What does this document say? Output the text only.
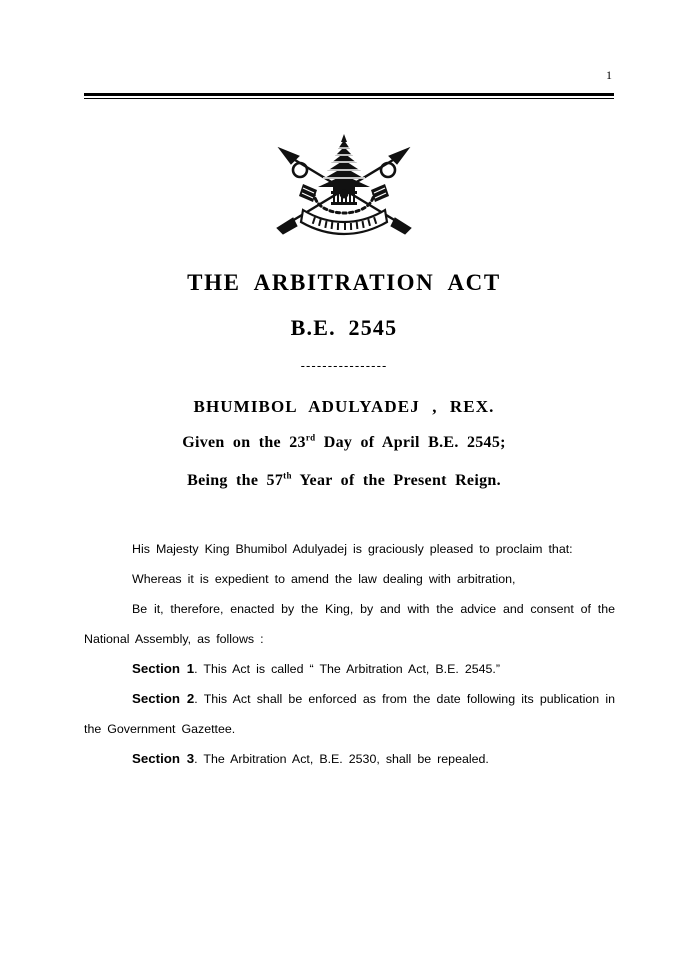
1
THE ARBITRATION ACT
B.E. 2545
----------------
BHUMIBOL ADULYADEJ , REX.
Given on the 23rd Day of April B.E. 2545;
Being the 57th Year of the Present Reign.

His Majesty King Bhumibol Adulyadej is graciously pleased to proclaim that:

Whereas it is expedient to amend the law dealing with arbitration,

Be it, therefore, enacted by the King, by and with the advice and consent of the National Assembly, as follows :

Section 1. This Act is called “ The Arbitration Act, B.E. 2545.”

Section 2. This Act shall be enforced as from the date following its publication in the Government Gazettee.

Section 3. The Arbitration Act, B.E. 2530, shall be repealed.
